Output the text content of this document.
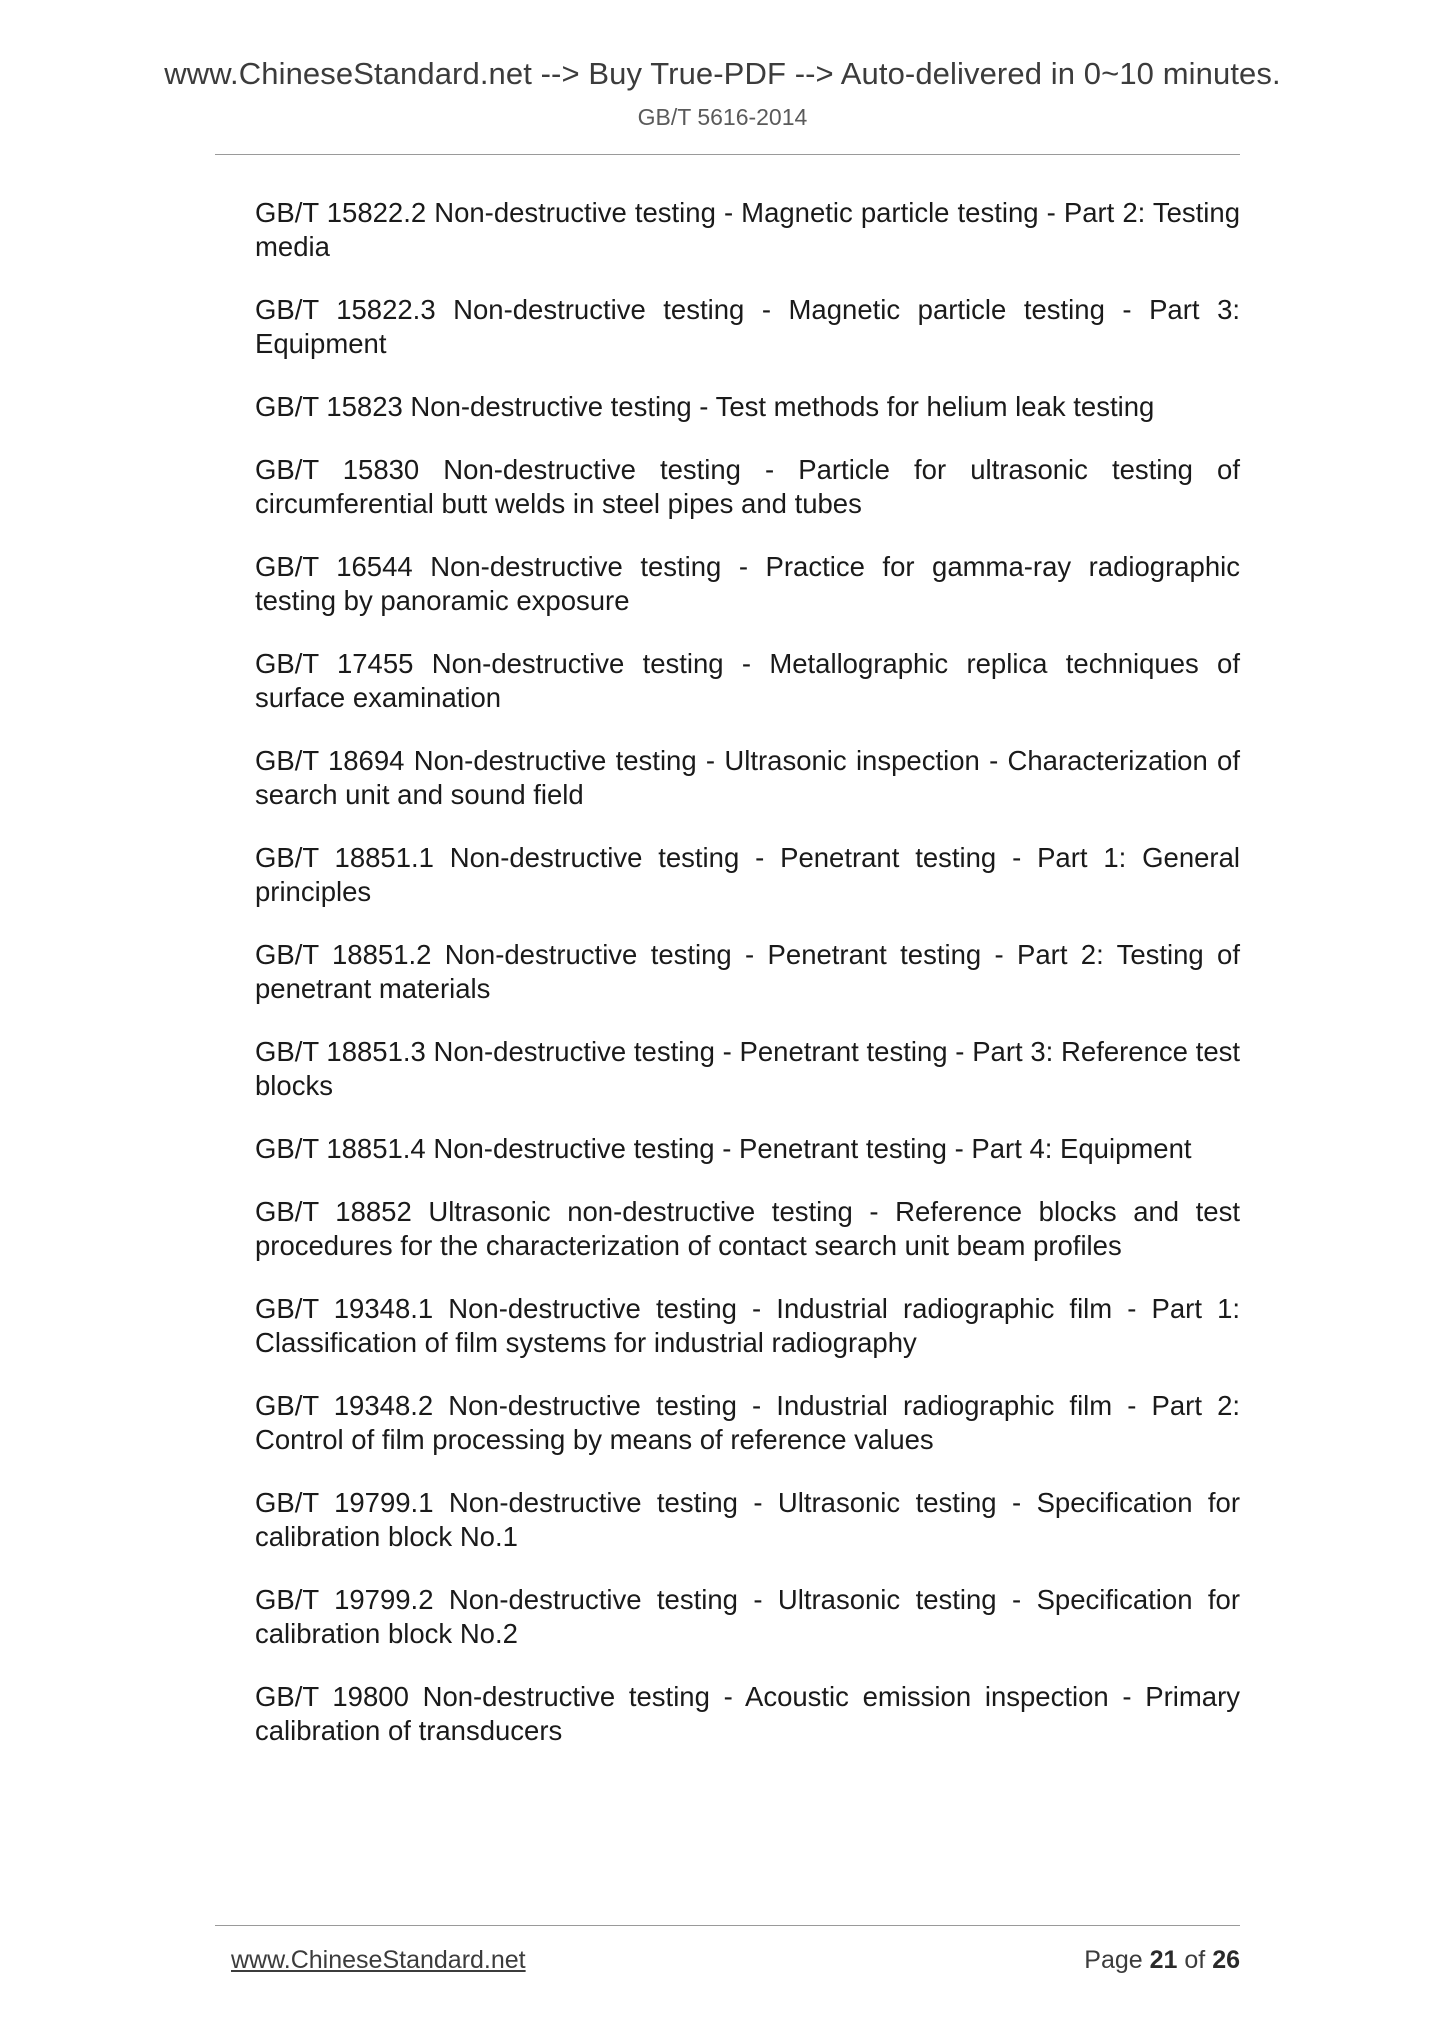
www.ChineseStandard.net --> Buy True-PDF --> Auto-delivered in 0~10 minutes.
GB/T 5616-2014

GB/T 15822.2 Non-destructive testing - Magnetic particle testing - Part 2: Testing media

GB/T 15822.3 Non-destructive testing - Magnetic particle testing - Part 3: Equipment

GB/T 15823 Non-destructive testing - Test methods for helium leak testing

GB/T 15830 Non-destructive testing - Particle for ultrasonic testing of circumferential butt welds in steel pipes and tubes

GB/T 16544 Non-destructive testing - Practice for gamma-ray radiographic testing by panoramic exposure

GB/T 17455 Non-destructive testing - Metallographic replica techniques of surface examination

GB/T 18694 Non-destructive testing - Ultrasonic inspection - Characterization of search unit and sound field

GB/T 18851.1 Non-destructive testing - Penetrant testing - Part 1: General principles

GB/T 18851.2 Non-destructive testing - Penetrant testing - Part 2: Testing of penetrant materials

GB/T 18851.3 Non-destructive testing - Penetrant testing - Part 3: Reference test blocks

GB/T 18851.4 Non-destructive testing - Penetrant testing - Part 4: Equipment

GB/T 18852 Ultrasonic non-destructive testing - Reference blocks and test procedures for the characterization of contact search unit beam profiles

GB/T 19348.1 Non-destructive testing - Industrial radiographic film - Part 1: Classification of film systems for industrial radiography

GB/T 19348.2 Non-destructive testing - Industrial radiographic film - Part 2: Control of film processing by means of reference values

GB/T 19799.1 Non-destructive testing - Ultrasonic testing - Specification for calibration block No.1

GB/T 19799.2 Non-destructive testing - Ultrasonic testing - Specification for calibration block No.2

GB/T 19800 Non-destructive testing - Acoustic emission inspection - Primary calibration of transducers

www.ChineseStandard.net	Page 21 of 26
